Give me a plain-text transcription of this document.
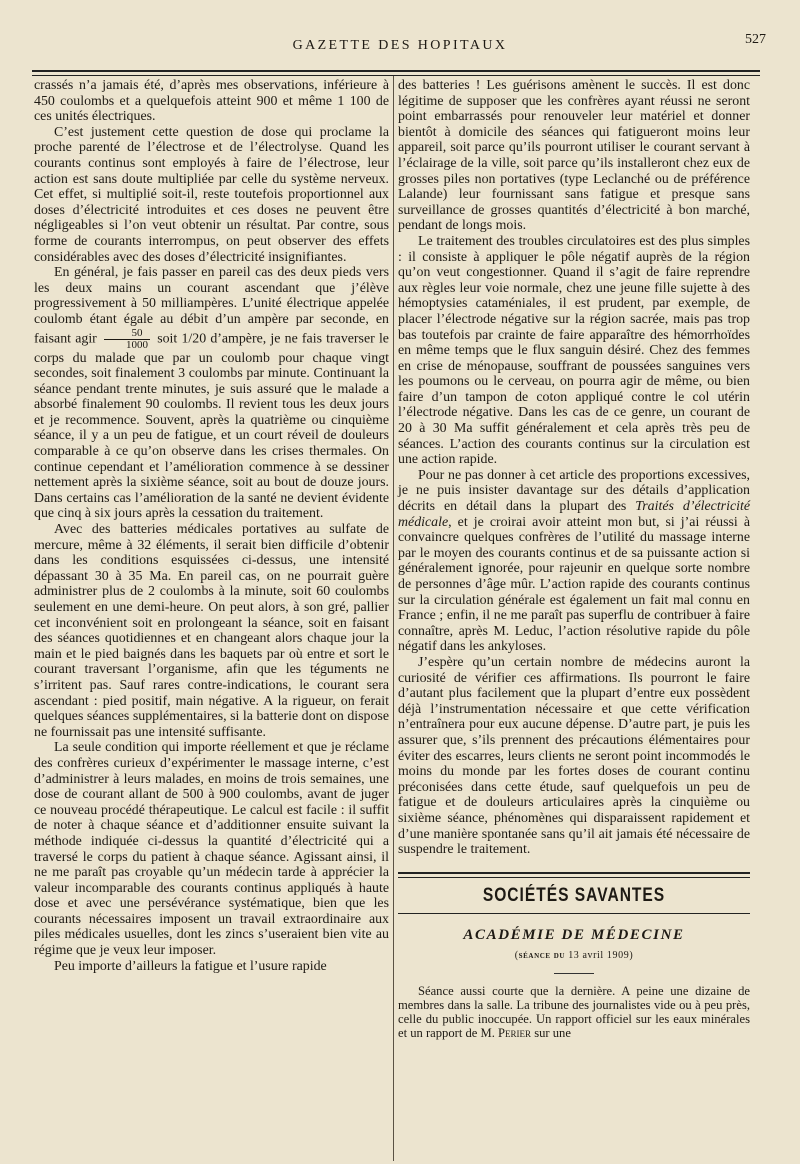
GAZETTE DES HOPITAUX	527

crassés n’a jamais été, d’après mes observations, inférieure à 450 coulombs et a quelquefois atteint 900 et même 1 100 de ces unités électriques.

C’est justement cette question de dose qui proclame la proche parenté de l’électrose et de l’électrolyse. Quand les courants continus sont employés à faire de l’électrose, leur action est sans doute multipliée par celle du système nerveux. Cet effet, si multiplié soit-il, reste toutefois proportionnel aux doses d’électricité introduites et ces doses ne peuvent être négligeables si l’on veut obtenir un résultat. Par contre, sous forme de courants interrompus, on peut observer des effets considérables avec des doses d’électricité insignifiantes.

En général, je fais passer en pareil cas des deux pieds vers les deux mains un courant ascendant que j’élève progressivement à 50 milliampères. L’unité électrique appelée coulomb étant égale au débit d’un ampère par seconde, en faisant agir $\frac{50}{1000}$ soit 1/20 d’ampère, je ne fais traverser le corps du malade que par un coulomb pour chaque vingt secondes, soit finalement 3 coulombs par minute. Continuant la séance pendant trente minutes, je suis assuré que le malade a absorbé finalement 90 coulombs. Il revient tous les deux jours et je recommence. Souvent, après la quatrième ou cinquième séance, il y a un peu de fatigue, et un court réveil de douleurs comparable à ce qu’on observe dans les crises thermales. On continue cependant et l’amélioration commence à se dessiner nettement après la sixième séance, soit au bout de douze jours. Dans certains cas l’amélioration de la santé ne devient évidente que cinq à six jours après la cessation du traitement.

Avec des batteries médicales portatives au sulfate de mercure, même à 32 éléments, il serait bien difficile d’obtenir dans les conditions esquissées ci-dessus, une intensité dépassant 30 à 35 Ma. En pareil cas, on ne pourrait guère administrer plus de 2 coulombs à la minute, soit 60 coulombs seulement en une demi-heure. On peut alors, à son gré, pallier cet inconvénient soit en prolongeant la séance, soit en faisant des séances quotidiennes et en changeant alors chaque jour la main et le pied baignés dans les baquets par où entre et sort le courant traversant l’organisme, afin que les téguments ne s’irritent pas. Sauf rares contre-indications, le courant sera ascendant : pied positif, main négative. A la rigueur, on ferait quelques séances supplémentaires, si la batterie dont on dispose ne fournissait pas une intensité suffisante.

La seule condition qui importe réellement et que je réclame des confrères curieux d’expérimenter le massage interne, c’est d’administrer à leurs malades, en moins de trois semaines, une dose de courant allant de 500 à 900 coulombs, avant de juger ce nouveau procédé thérapeutique. Le calcul est facile : il suffit de noter à chaque séance et d’additionner ensuite suivant la méthode indiquée ci-dessus la quantité d’électricité qui a traversé le corps du patient à chaque séance. Agissant ainsi, il ne me paraît pas croyable qu’un médecin tarde à apprécier la valeur incomparable des courants continus appliqués à haute dose et avec une persévérance systématique, bien que les courants nécessaires imposent un travail extraordinaire aux piles médicales usuelles, dont les zincs s’useraient bien vite au régime que je veux leur imposer.

Peu importe d’ailleurs la fatigue et l’usure rapide

des batteries ! Les guérisons amènent le succès. Il est donc légitime de supposer que les confrères ayant réussi ne seront point embarrassés pour renouveler leur matériel et donner bientôt à domicile des séances qui fatigueront moins leur appareil, soit parce qu’ils pourront utiliser le courant servant à l’éclairage de la ville, soit parce qu’ils installeront chez eux de grosses piles non portatives (type Leclanché ou de préférence Lalande) leur fournissant sans fatigue et presque sans surveillance de grosses quantités d’électricité à bon marché, pendant de longs mois.

Le traitement des troubles circulatoires est des plus simples : il consiste à appliquer le pôle négatif auprès de la région qu’on veut congestionner. Quand il s’agit de faire reprendre aux règles leur voie normale, chez une jeune fille sujette à des hémoptysies cataméniales, il est prudent, par exemple, de placer l’électrode négative sur la région sacrée, mais pas trop bas toutefois par crainte de faire apparaître des hémorrhoïdes en même temps que le flux sanguin désiré. Chez des femmes en crise de ménopause, souffrant de poussées sanguines vers les poumons ou le cerveau, on pourra agir de même, ou bien faire d’un tampon de coton appliqué contre le col utérin l’électrode négative. Dans les cas de ce genre, un courant de 20 à 30 Ma suffit généralement et cela après très peu de séances. L’action des courants continus sur la circulation est une action rapide.

Pour ne pas donner à cet article des proportions excessives, je ne puis insister davantage sur des détails d’application décrits en détail dans la plupart des Traités d’électricité médicale, et je croirai avoir atteint mon but, si j’ai réussi à convaincre quelques confrères de l’utilité du massage interne par le moyen des courants continus et de sa puissante action si généralement ignorée, pour rajeunir en quelque sorte nombre de personnes d’âge mûr. L’action rapide des courants continus sur la circulation générale est également un fait mal connu en France ; enfin, il ne me paraît pas superflu de contribuer à faire connaître, après M. Leduc, l’action résolutive rapide du pôle négatif dans les ankyloses.

J’espère qu’un certain nombre de médecins auront la curiosité de vérifier ces affirmations. Ils pourront le faire d’autant plus facilement que la plupart d’entre eux possèdent déjà l’instrumentation nécessaire et que cette vérification n’entraînera pour eux aucune dépense. D’autre part, je puis les assurer que, s’ils prennent des précautions élémentaires pour éviter des escarres, leurs clients ne seront point incommodés le moins du monde par les fortes doses de courant continu préconisées dans cette étude, sauf quelquefois un peu de fatigue et de douleurs articulaires après la cinquième ou sixième séance, phénomènes qui disparaissent rapidement et d’une manière spontanée sans qu’il ait jamais été nécessaire de suspendre le traitement.

SOCIÉTÉS SAVANTES
ACADÉMIE DE MÉDECINE
(séance du 13 avril 1909)

Séance aussi courte que la dernière. A peine une dizaine de membres dans la salle. La tribune des journalistes vide ou à peu près, celle du public inoccupée. Un rapport officiel sur les eaux minérales et un rapport de M. Perier sur une
